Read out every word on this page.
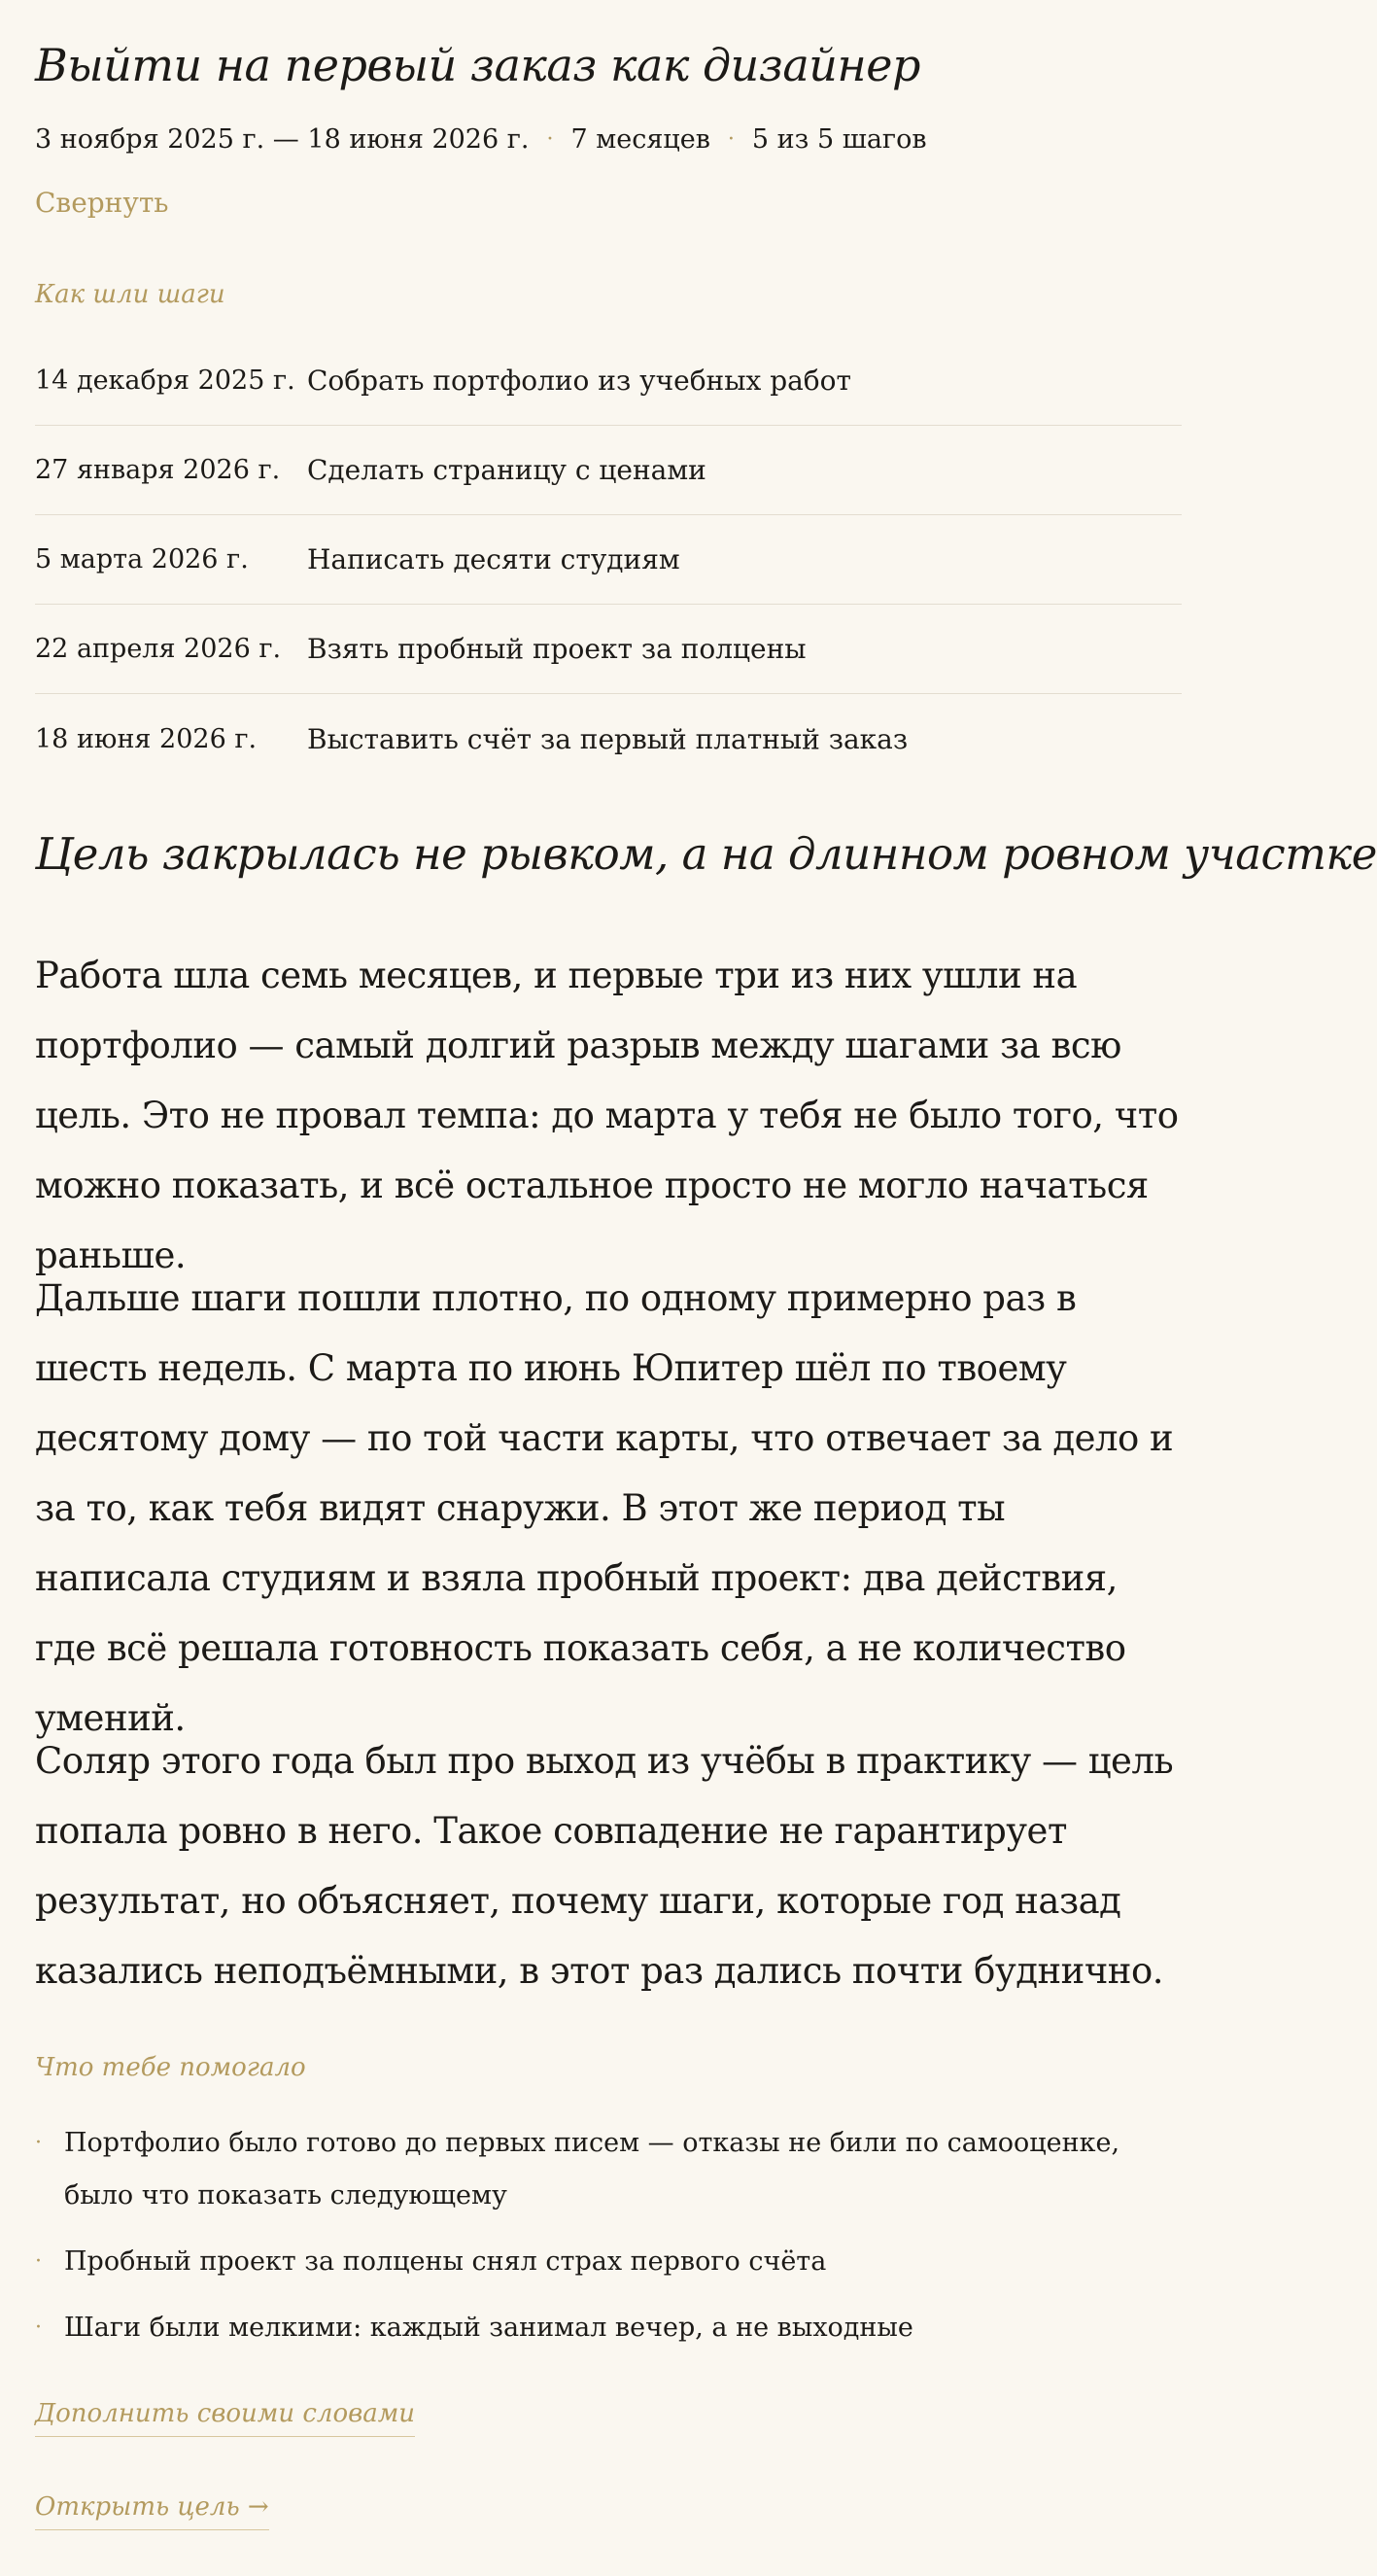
Выйти на первый заказ как дизайнер
3 ноября 2025 г. — 18 июня 2026 г. · 7 месяцев · 5 из 5 шагов
Свернуть
Как шли шаги
14 декабря 2025 г. Собрать портфолио из учебных работ
27 января 2026 г. Сделать страницу с ценами
5 марта 2026 г.	Написать десяти студиям
22 апреля 2026 г. Взять пробный проект за полцены
18 июня 2026 г.	Выставить счёт за первый платный заказ
Цель закрылась не рывком, а на длинном ровном участке

Работа шла семь месяцев, и первые три из них ушли на портфолио — самый долгий разрыв между шагами за всю цель. Это не провал темпа: до марта у тебя не было того, что можно показать, и всё остальное просто не могло начаться раньше.

Дальше шаги пошли плотно, по одному примерно раз в шесть недель. С марта по июнь Юпитер шёл по твоему десятому дому — по той части карты, что отвечает за дело и за то, как тебя видят снаружи. В этот же период ты написала студиям и взяла пробный проект: два действия, где всё решала готовность показать себя, а не количество умений.

Соляр этого года был про выход из учёбы в практику — цель попала ровно в него. Такое совпадение не гарантирует результат, но объясняет, почему шаги, которые год назад казались неподъёмными, в этот раз дались почти буднично.

Что тебе помогало
· Портфолио было готово до первых писем — отказы не били по самооценке, было что показать следующему
· Пробный проект за полцены снял страх первого счёта
· Шаги были мелкими: каждый занимал вечер, а не выходные
Дополнить своими словами
Открыть цель →
